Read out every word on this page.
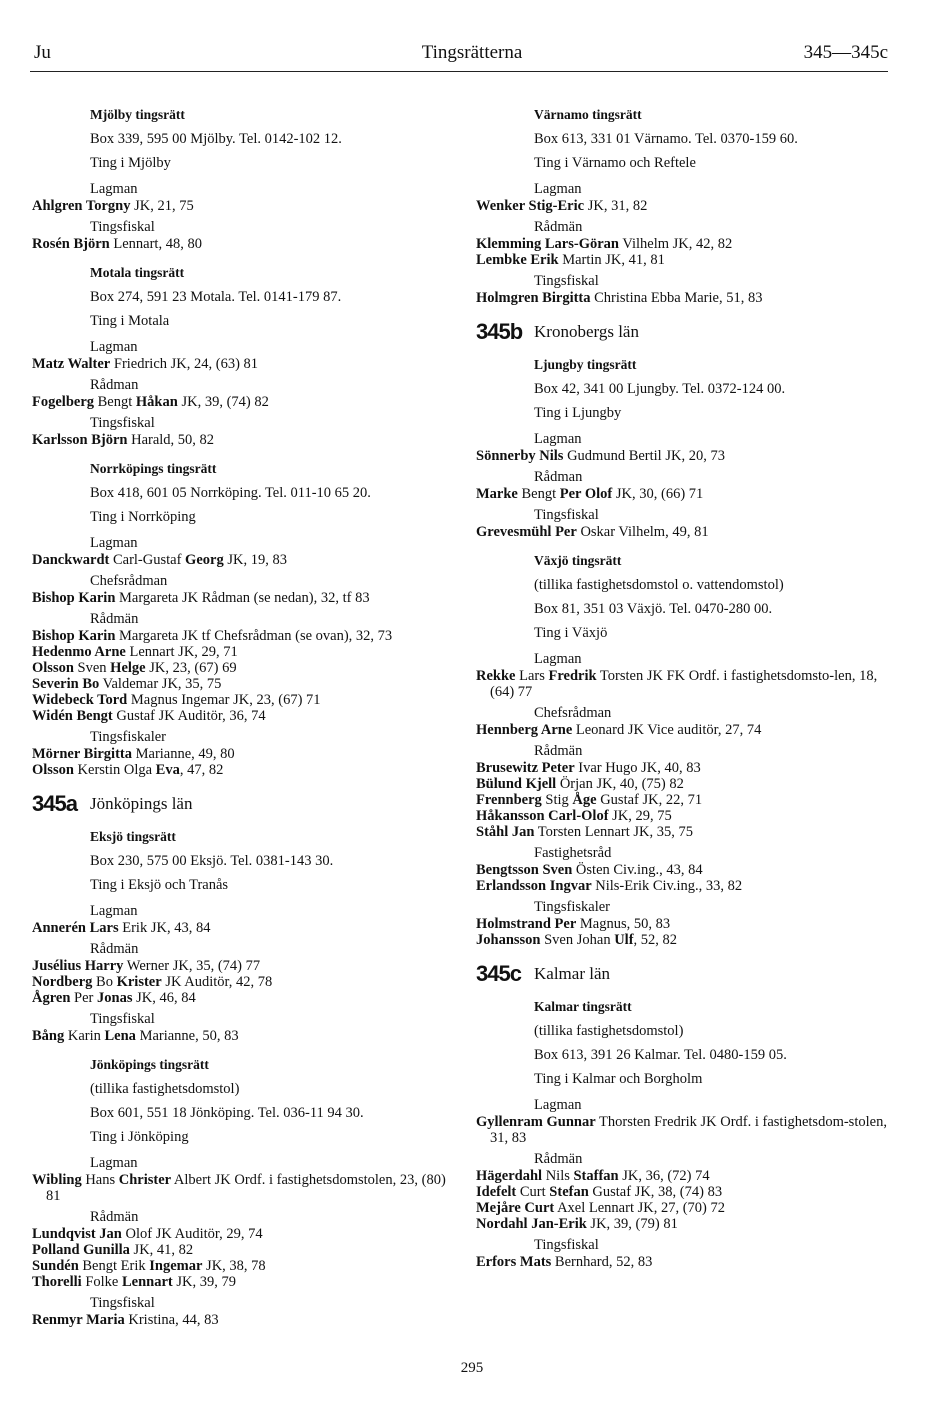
Ju	Tingsrätterna	345—345c
Mjölby tingsrätt
Box 339, 595 00 Mjölby. Tel. 0142-102 12.
Ting i Mjölby
Lagman
Ahlgren Torgny JK, 21, 75
Tingsfiskal
Rosén Björn Lennart, 48, 80
Motala tingsrätt
Box 274, 591 23 Motala. Tel. 0141-179 87.
Ting i Motala
Lagman
Matz Walter Friedrich JK, 24, (63) 81
Rådman
Fogelberg Bengt Håkan JK, 39, (74) 82
Tingsfiskal
Karlsson Björn Harald, 50, 82
Norrköpings tingsrätt
Box 418, 601 05 Norrköping. Tel. 011-10 65 20.
Ting i Norrköping
Lagman
Danckwardt Carl-Gustaf Georg JK, 19, 83
Chefsrådman
Bishop Karin Margareta JK Rådman (se nedan), 32, tf 83
Rådmän
Bishop Karin Margareta JK tf Chefsrådman (se ovan), 32, 73
Hedenmo Arne Lennart JK, 29, 71
Olsson Sven Helge JK, 23, (67) 69
Severin Bo Valdemar JK, 35, 75
Widebeck Tord Magnus Ingemar JK, 23, (67) 71
Widén Bengt Gustaf JK Auditör, 36, 74
Tingsfiskaler
Mörner Birgitta Marianne, 49, 80
Olsson Kerstin Olga Eva, 47, 82
345a Jönköpings län
Eksjö tingsrätt
Box 230, 575 00 Eksjö. Tel. 0381-143 30.
Ting i Eksjö och Tranås
Lagman
Annerén Lars Erik JK, 43, 84
Rådmän
Jusélius Harry Werner JK, 35, (74) 77
Nordberg Bo Krister JK Auditör, 42, 78
Ågren Per Jonas JK, 46, 84
Tingsfiskal
Bång Karin Lena Marianne, 50, 83
Jönköpings tingsrätt
(tillika fastighetsdomstol)
Box 601, 551 18 Jönköping. Tel. 036-11 94 30.
Ting i Jönköping
Lagman
Wibling Hans Christer Albert JK Ordf. i fastighetsdomstolen, 23, (80) 81
Rådmän
Lundqvist Jan Olof JK Auditör, 29, 74
Polland Gunilla JK, 41, 82
Sundén Bengt Erik Ingemar JK, 38, 78
Thorelli Folke Lennart JK, 39, 79
Tingsfiskal
Renmyr Maria Kristina, 44, 83
Värnamo tingsrätt
Box 613, 331 01 Värnamo. Tel. 0370-159 60.
Ting i Värnamo och Reftele
Lagman
Wenker Stig-Eric JK, 31, 82
Rådmän
Klemming Lars-Göran Vilhelm JK, 42, 82
Lembke Erik Martin JK, 41, 81
Tingsfiskal
Holmgren Birgitta Christina Ebba Marie, 51, 83
345b Kronobergs län
Ljungby tingsrätt
Box 42, 341 00 Ljungby. Tel. 0372-124 00.
Ting i Ljungby
Lagman
Sönnerby Nils Gudmund Bertil JK, 20, 73
Rådman
Marke Bengt Per Olof JK, 30, (66) 71
Tingsfiskal
Grevesmühl Per Oskar Vilhelm, 49, 81
Växjö tingsrätt
(tillika fastighetsdomstol o. vattendomstol)
Box 81, 351 03 Växjö. Tel. 0470-280 00.
Ting i Växjö
Lagman
Rekke Lars Fredrik Torsten JK FK Ordf. i fastighetsdomsto-len, 18, (64) 77
Chefsrådman
Hennberg Arne Leonard JK Vice auditör, 27, 74
Rådmän
Brusewitz Peter Ivar Hugo JK, 40, 83
Bülund Kjell Örjan JK, 40, (75) 82
Frennberg Stig Åge Gustaf JK, 22, 71
Håkansson Carl-Olof JK, 29, 75
Ståhl Jan Torsten Lennart JK, 35, 75
Fastighetsråd
Bengtsson Sven Östen Civ.ing., 43, 84
Erlandsson Ingvar Nils-Erik Civ.ing., 33, 82
Tingsfiskaler
Holmstrand Per Magnus, 50, 83
Johansson Sven Johan Ulf, 52, 82
345c Kalmar län
Kalmar tingsrätt
(tillika fastighetsdomstol)
Box 613, 391 26 Kalmar. Tel. 0480-159 05.
Ting i Kalmar och Borgholm
Lagman
Gyllenram Gunnar Thorsten Fredrik JK Ordf. i fastighetsdom-stolen, 31, 83
Rådmän
Hägerdahl Nils Staffan JK, 36, (72) 74
Idefelt Curt Stefan Gustaf JK, 38, (74) 83
Mejåre Curt Axel Lennart JK, 27, (70) 72
Nordahl Jan-Erik JK, 39, (79) 81
Tingsfiskal
Erfors Mats Bernhard, 52, 83
295
